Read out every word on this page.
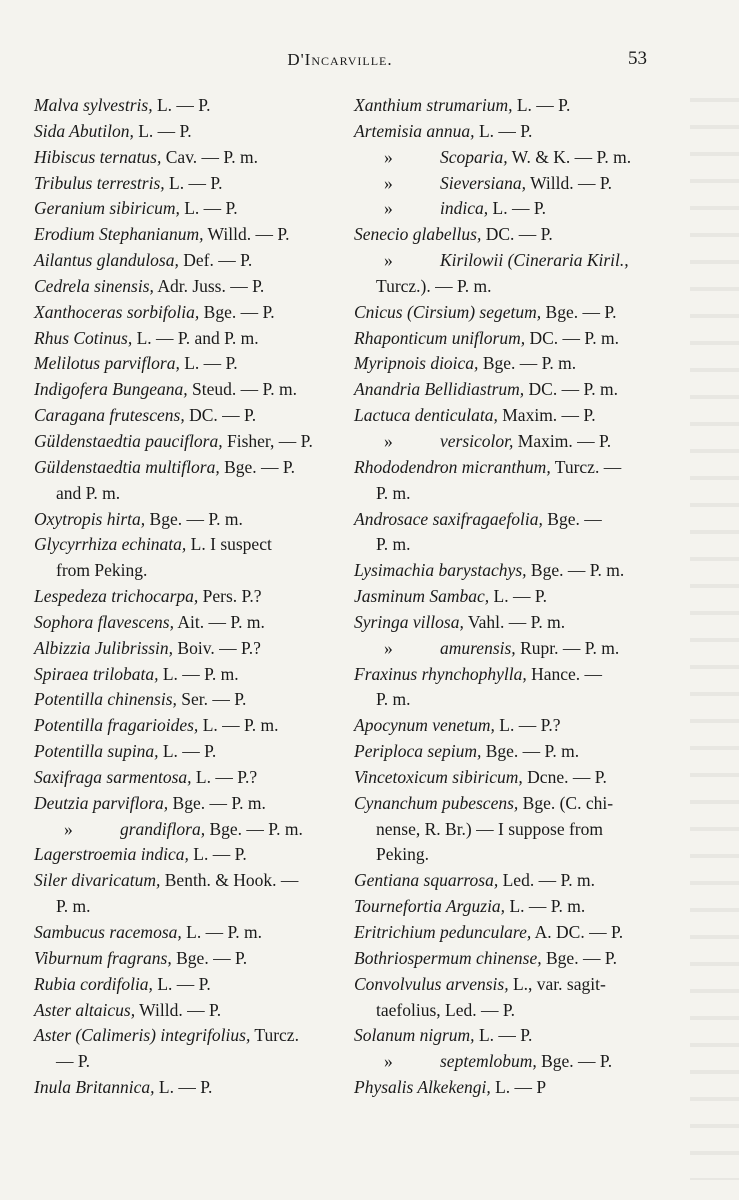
D'Incarville.	53
Malva sylvestris, L. — P.
Sida Abutilon, L. — P.
Hibiscus ternatus, Cav. — P. m.
Tribulus terrestris, L. — P.
Geranium sibiricum, L. — P.
Erodium Stephanianum, Willd. — P.
Ailantus glandulosa, Def. — P.
Cedrela sinensis, Adr. Juss. — P.
Xanthoceras sorbifolia, Bge. — P.
Rhus Cotinus, L. — P. and P. m.
Melilotus parviflora, L. — P.
Indigofera Bungeana, Steud. — P. m.
Caragana frutescens, DC. — P.
Güldenstaedtia pauciflora, Fisher, — P.
Güldenstaedtia multiflora, Bge. — P.
and P. m.
Oxytropis hirta, Bge. — P. m.
Glycyrrhiza echinata, L. I suspect
from Peking.
Lespedeza trichocarpa, Pers. P.?
Sophora flavescens, Ait. — P. m.
Albizzia Julibrissin, Boiv. — P.?
Spiraea trilobata, L. — P. m.
Potentilla chinensis, Ser. — P.
Potentilla fragarioides, L. — P. m.
Potentilla supina, L. — P.
Saxifraga sarmentosa, L. — P.?
Deutzia parviflora, Bge. — P. m.
»	grandiflora, Bge. — P. m.
Lagerstroemia indica, L. — P.
Siler divaricatum, Benth. & Hook. —
P. m.
Sambucus racemosa, L. — P. m.
Viburnum fragrans, Bge. — P.
Rubia cordifolia, L. — P.
Aster altaicus, Willd. — P.
Aster (Calimeris) integrifolius, Turcz.
— P.
Inula Britannica, L. — P.
Xanthium strumarium, L. — P.
Artemisia annua, L. — P.
»	Scoparia, W. & K. — P. m.
»	Sieversiana, Willd. — P.
»	indica, L. — P.
Senecio glabellus, DC. — P.
»	Kirilowii (Cineraria Kiril.,
Turcz.). — P. m.
Cnicus (Cirsium) segetum, Bge. — P.
Rhaponticum uniflorum, DC. — P. m.
Myripnois dioica, Bge. — P. m.
Anandria Bellidiastrum, DC. — P. m.
Lactuca denticulata, Maxim. — P.
»	versicolor, Maxim. — P.
Rhododendron micranthum, Turcz. —
P. m.
Androsace saxifragaefolia, Bge. —
P. m.
Lysimachia barystachys, Bge. — P. m.
Jasminum Sambac, L. — P.
Syringa villosa, Vahl. — P. m.
»	amurensis, Rupr. — P. m.
Fraxinus rhynchophylla, Hance. —
P. m.
Apocynum venetum, L. — P.?
Periploca sepium, Bge. — P. m.
Vincetoxicum sibiricum, Dcne. — P.
Cynanchum pubescens, Bge. (C. chi-
nense, R. Br.) — I suppose from
Peking.
Gentiana squarrosa, Led. — P. m.
Tournefortia Arguzia, L. — P. m.
Eritrichium pedunculare, A. DC. — P.
Bothriospermum chinense, Bge. — P.
Convolvulus arvensis, L., var. sagit-
taefolius, Led. — P.
Solanum nigrum, L. — P.
»	septemlobum, Bge. — P.
Physalis Alkekengi, L. — P
